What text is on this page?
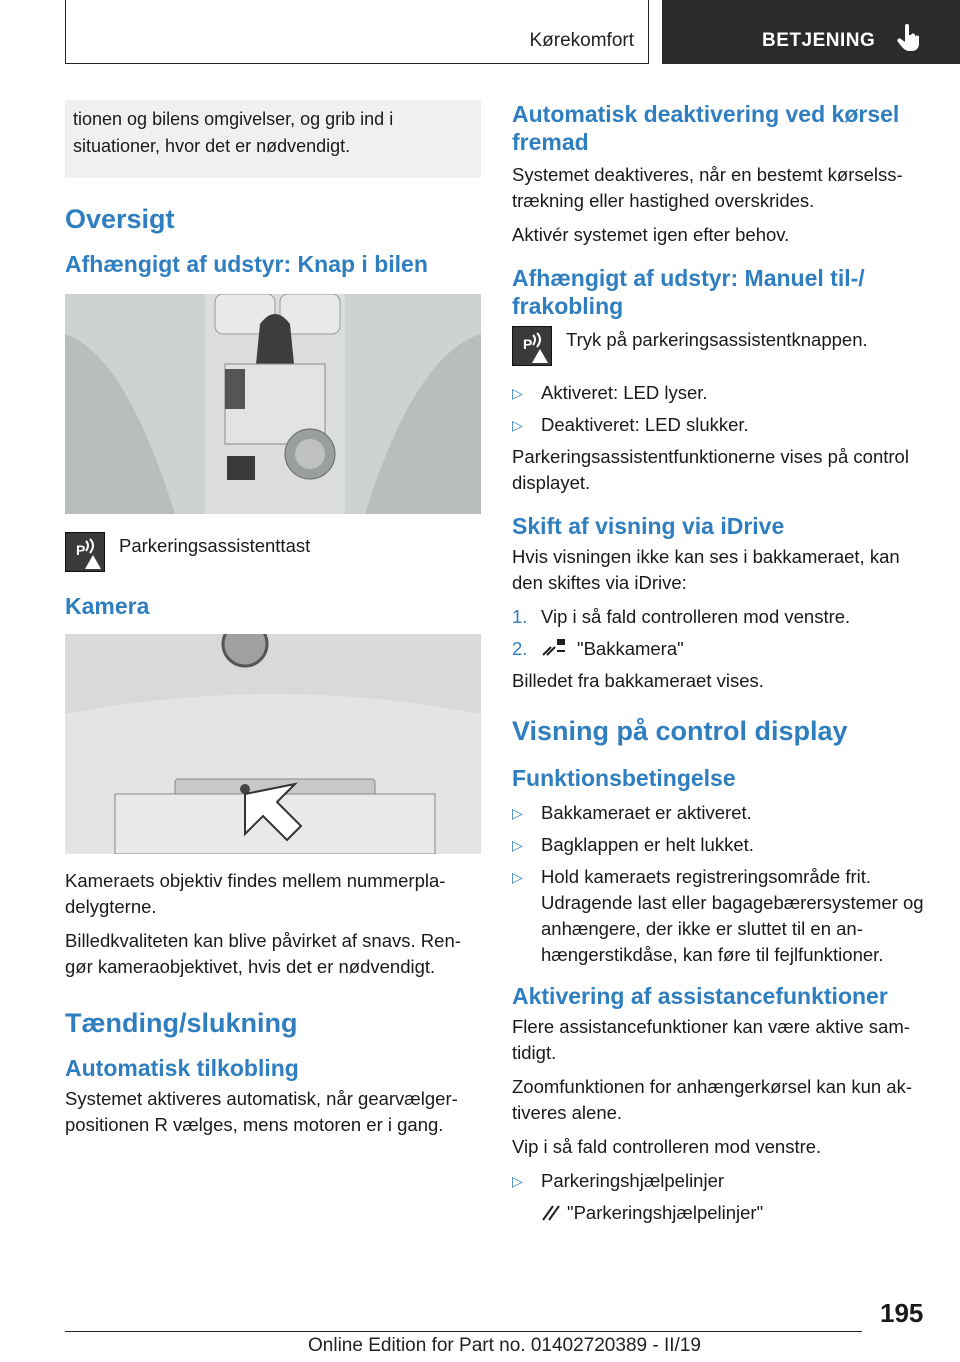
Kørekomfort	BETJENING
tionen og bilens omgivelser, og grib ind i situationer, hvor det er nødvendigt.
Oversigt
Afhængigt af udstyr: Knap i bilen
P Parkeringsassistenttast

Kamera

Kameraets objektiv findes mellem nummerpladelygterne.

Billedkvaliteten kan blive påvirket af snavs. Rengør kameraobjektivet, hvis det er nødvendigt.

Tænding/slukning
Automatisk tilkobling

Systemet aktiveres automatisk, når gearvælgerpositionen R vælges, mens motoren er i gang.

Automatisk deaktivering ved kørsel fremad

Systemet deaktiveres, når en bestemt kørselsstrækning eller hastighed overskrides.

Aktivér systemet igen efter behov.

Afhængigt af udstyr: Manuel til-/ frakobling
P Tryk på parkeringsassistentknappen.

▷ Aktiveret: LED lyser.
▷ Deaktiveret: LED slukker.

Parkeringsassistentfunktionerne vises på control displayet.

Skift af visning via iDrive

Hvis visningen ikke kan ses i bakkameraet, kan den skiftes via iDrive:

1. Vip i så fald controlleren mod venstre.
2.	"Bakkamera"

Billedet fra bakkameraet vises.

Visning på control display
Funktionsbetingelse
▷ Bakkameraet er aktiveret.
▷ Bagklappen er helt lukket.
▷ Hold kameraets registreringsområde frit. Udragende last eller bagagebærersystemer og anhængere, der ikke er sluttet til en anhængerstikdåse, kan føre til fejlfunktioner.
Aktivering af assistancefunktioner

Flere assistancefunktioner kan være aktive samtidigt.

Zoomfunktionen for anhængerkørsel kan kun aktiveres alene.

Vip i så fald controlleren mod venstre.

▷ Parkeringshjælpelinjer
"Parkeringshjælpelinjer"
195
Online Edition for Part no. 01402720389 - II/19
